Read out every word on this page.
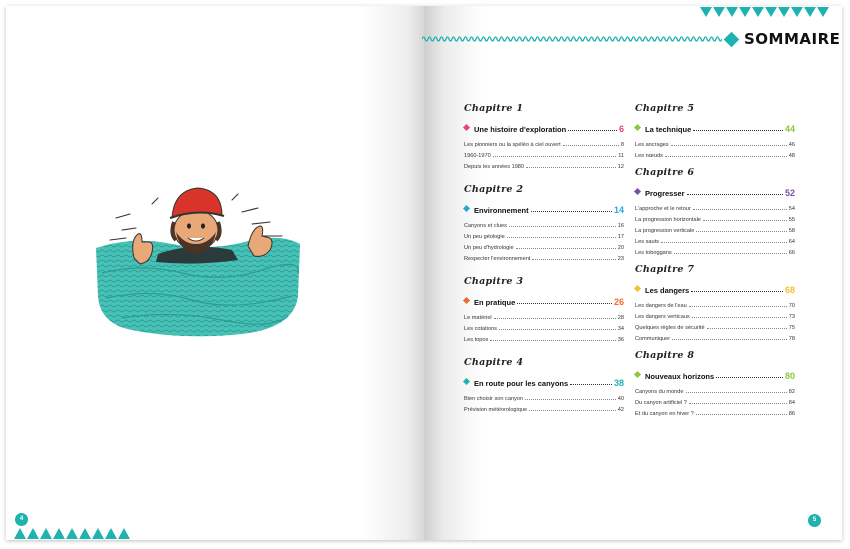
4	5
SOMMAIRE
Chapitre 1
Une histoire d'exploration	6
Les pionniers ou la spéléo à ciel ouvert	8
1960-1970	11
Depuis les années 1980	12
Chapitre 2
Environnement	14
Canyons et clues	16
Un peu géologie	17
Un peu d'hydrologie	20
Respecter l'environnement	23
Chapitre 3
En pratique	26
Le matériel	28
Les cotations	34
Les topos	36
Chapitre 4
En route pour les canyons	38
Bien choisir son canyon	40
Prévision météorologique	42
Chapitre 5
La technique	44
Les ancrages	46
Les nœuds	48
Chapitre 6
Progresser	52
L'approche et le retour	54
La progression horizontale	55
La progression verticale	58
Les sauts	64
Les toboggans	66
Chapitre 7
Les dangers	68
Les dangers de l'eau	70
Les dangers verticaux	73
Quelques règles de sécurité	75
Communiquer	78
Chapitre 8
Nouveaux horizons	80
Canyons du monde	82
Du canyon artificiel ?	84
Et du canyon en hiver ?	86
